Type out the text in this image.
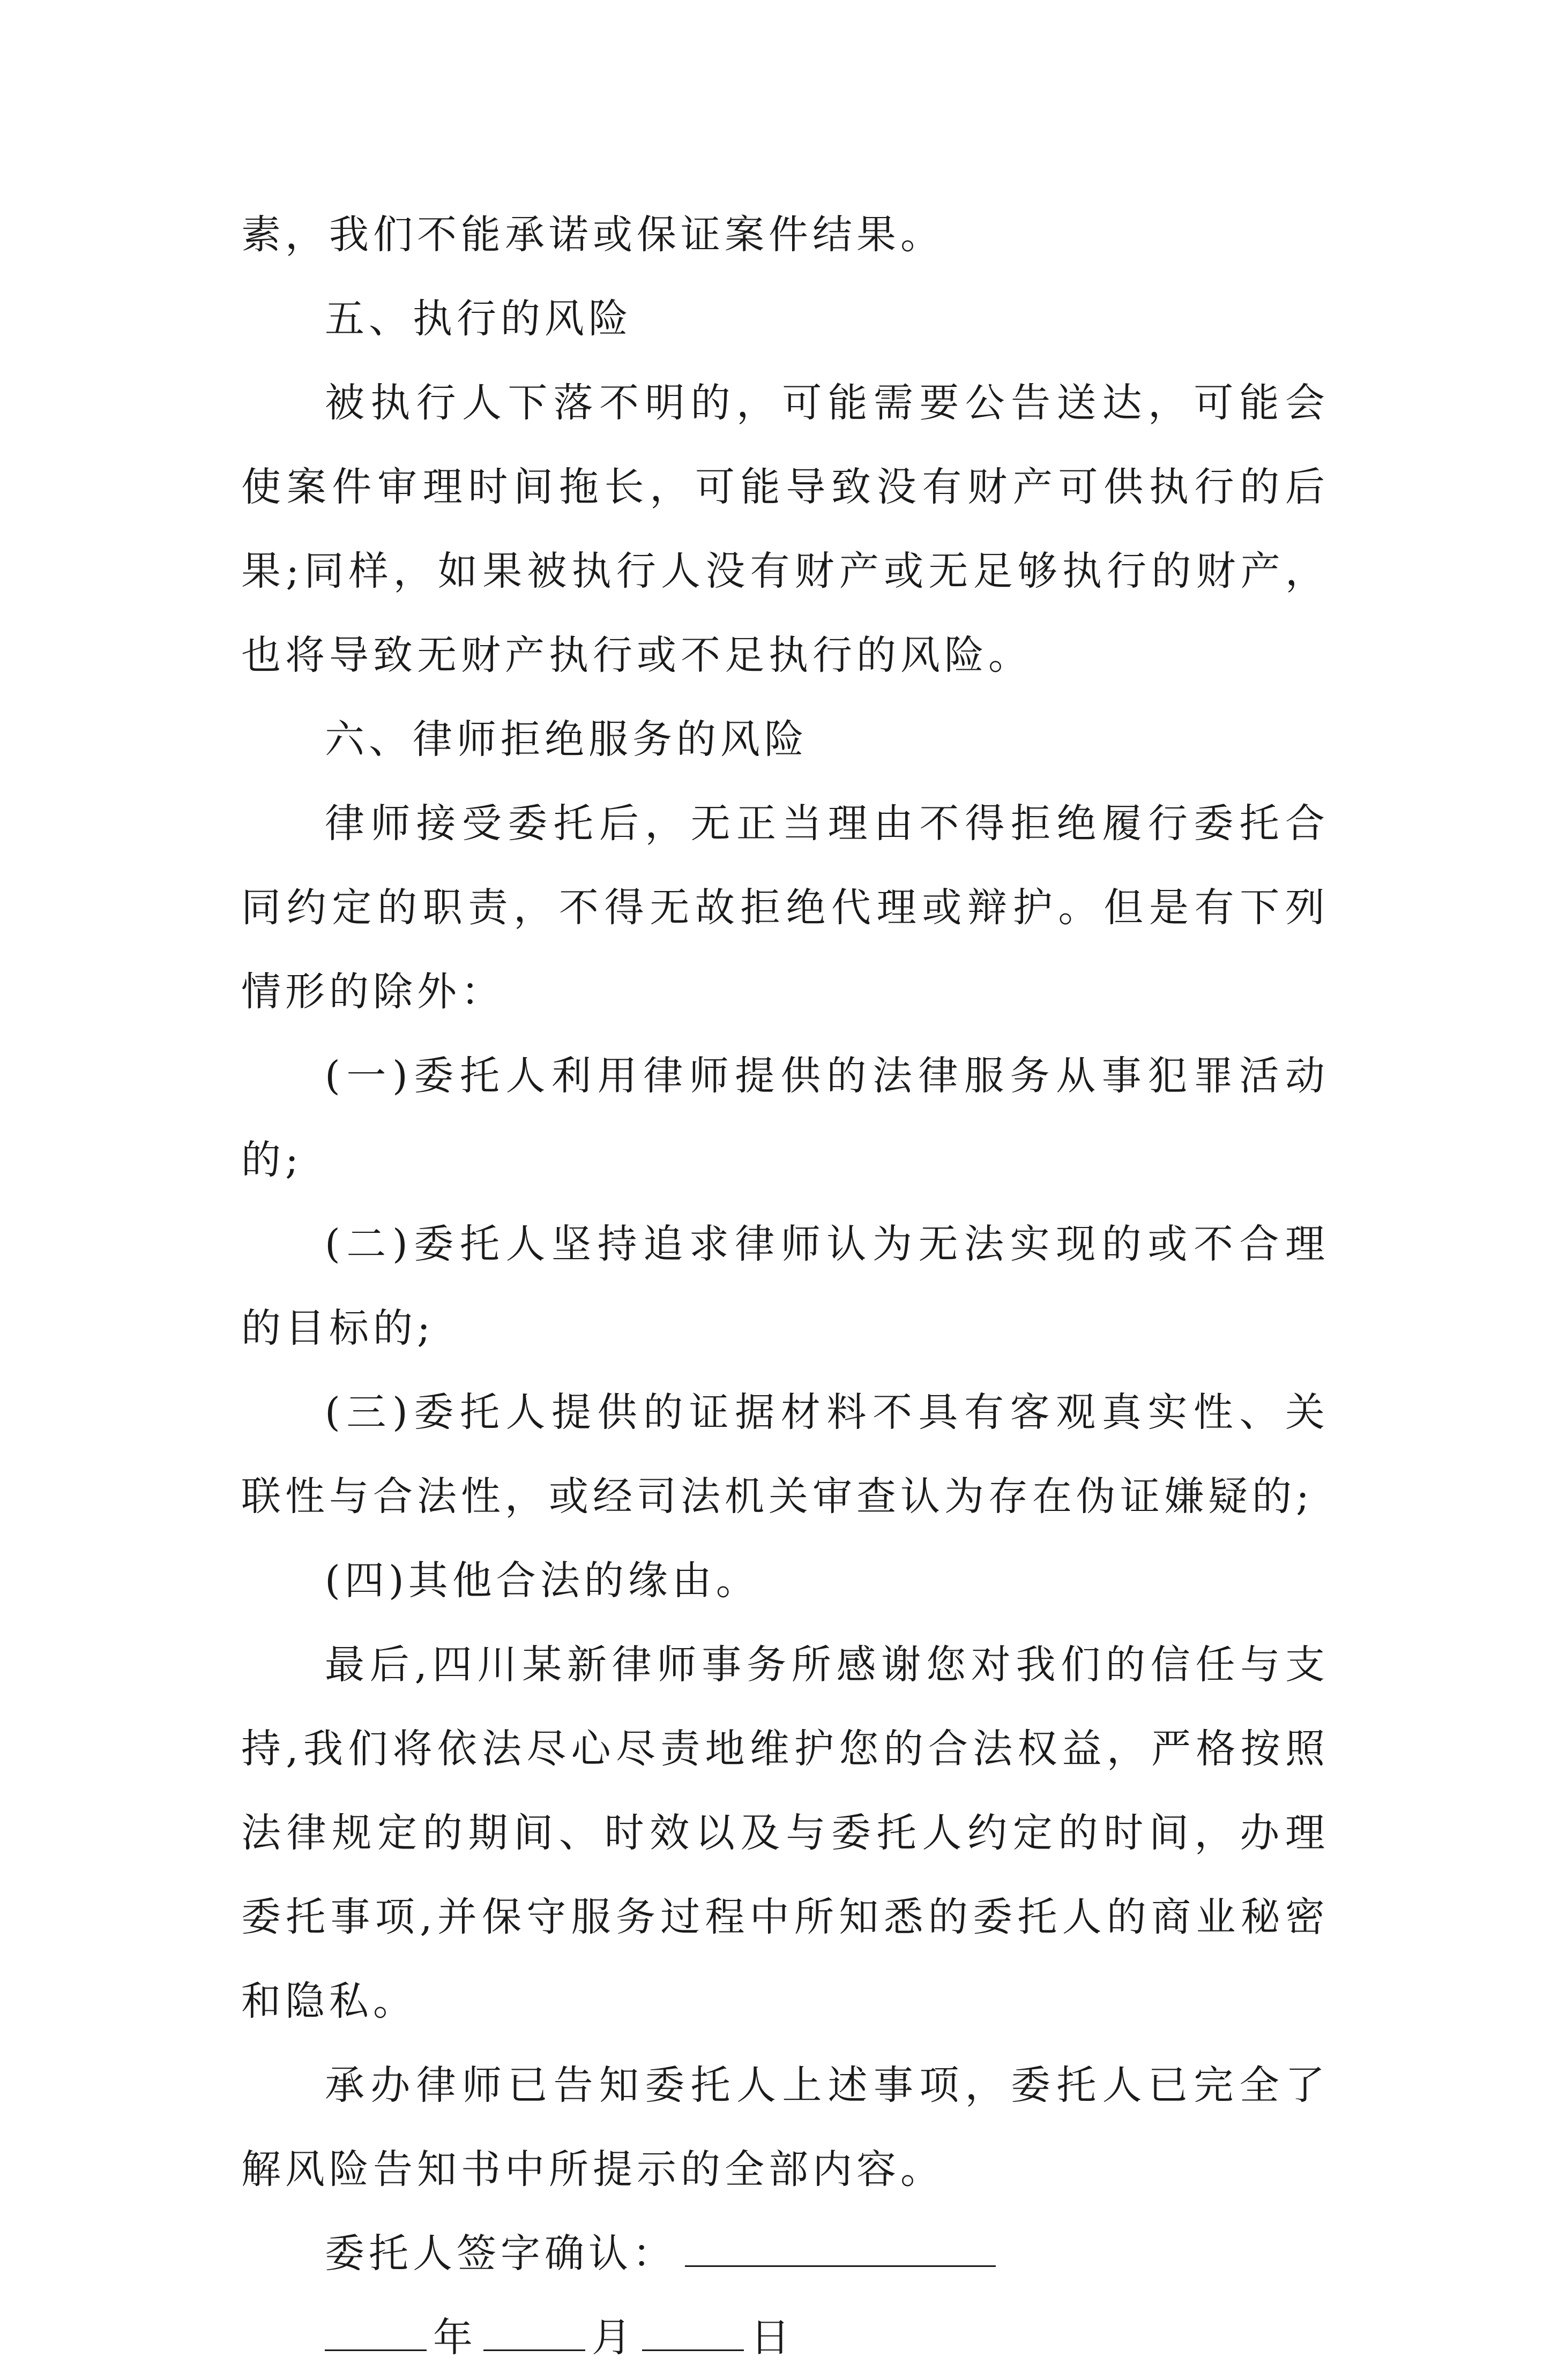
素，我们不能承诺或保证案件结果。

五、执行的风险

被执行人下落不明的，可能需要公告送达，可能会使案件审理时间拖长，可能导致没有财产可供执行的后果;同样，如果被执行人没有财产或无足够执行的财产，也将导致无财产执行或不足执行的风险。

六、律师拒绝服务的风险

律师接受委托后，无正当理由不得拒绝履行委托合同约定的职责，不得无故拒绝代理或辩护。但是有下列情形的除外：

(一)委托人利用律师提供的法律服务从事犯罪活动的;

(二)委托人坚持追求律师认为无法实现的或不合理的目标的;

(三)委托人提供的证据材料不具有客观真实性、关联性与合法性，或经司法机关审查认为存在伪证嫌疑的;

(四)其他合法的缘由。

最后,四川某新律师事务所感谢您对我们的信任与支持,我们将依法尽心尽责地维护您的合法权益，严格按照法律规定的期间、时效以及与委托人约定的时间，办理委托事项,并保守服务过程中所知悉的委托人的商业秘密和隐私。

承办律师已告知委托人上述事项，委托人已完全了解风险告知书中所提示的全部内容。

委托人签字确认：

年	月	日
